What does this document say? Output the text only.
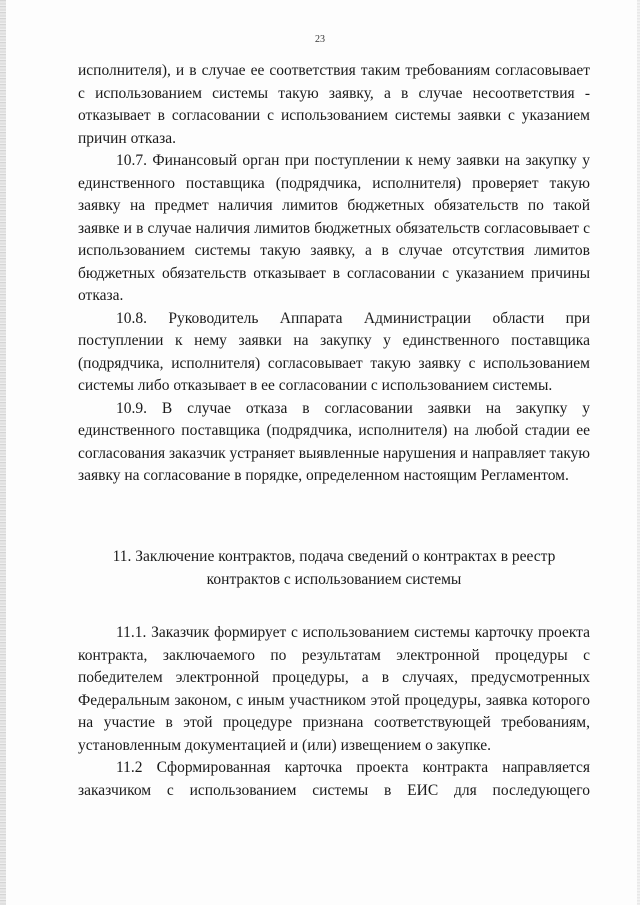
23

исполнителя), и в случае ее соответствия таким требованиям согласовывает с использованием системы такую заявку, а в случае несоответствия - отказывает в согласовании с использованием системы заявки с указанием причин отказа.

10.7. Финансовый орган при поступлении к нему заявки на закупку у единственного поставщика (подрядчика, исполнителя) проверяет такую заявку на предмет наличия лимитов бюджетных обязательств по такой заявке и в случае наличия лимитов бюджетных обязательств согласовывает с использованием системы такую заявку, а в случае отсутствия лимитов бюджетных обязательств отказывает в согласовании с указанием причины отказа.

10.8. Руководитель Аппарата Администрации области при поступлении к нему заявки на закупку у единственного поставщика (подрядчика, исполнителя) согласовывает такую заявку с использованием системы либо отказывает в ее согласовании с использованием системы.

10.9. В случае отказа в согласовании заявки на закупку у единственного поставщика (подрядчика, исполнителя) на любой стадии ее согласования заказчик устраняет выявленные нарушения и направляет такую заявку на согласование в порядке, определенном настоящим Регламентом.

11. Заключение контрактов, подача сведений о контрактах в реестр
контрактов с использованием системы

11.1. Заказчик формирует с использованием системы карточку проекта контракта, заключаемого по результатам электронной процедуры с победителем электронной процедуры, а в случаях, предусмотренных Федеральным законом, с иным участником этой процедуры, заявка которого на участие в этой процедуре признана соответствующей требованиям, установленным документацией и (или) извещением о закупке.

11.2 Сформированная карточка проекта контракта направляется заказчиком с использованием системы в ЕИС для последующего
